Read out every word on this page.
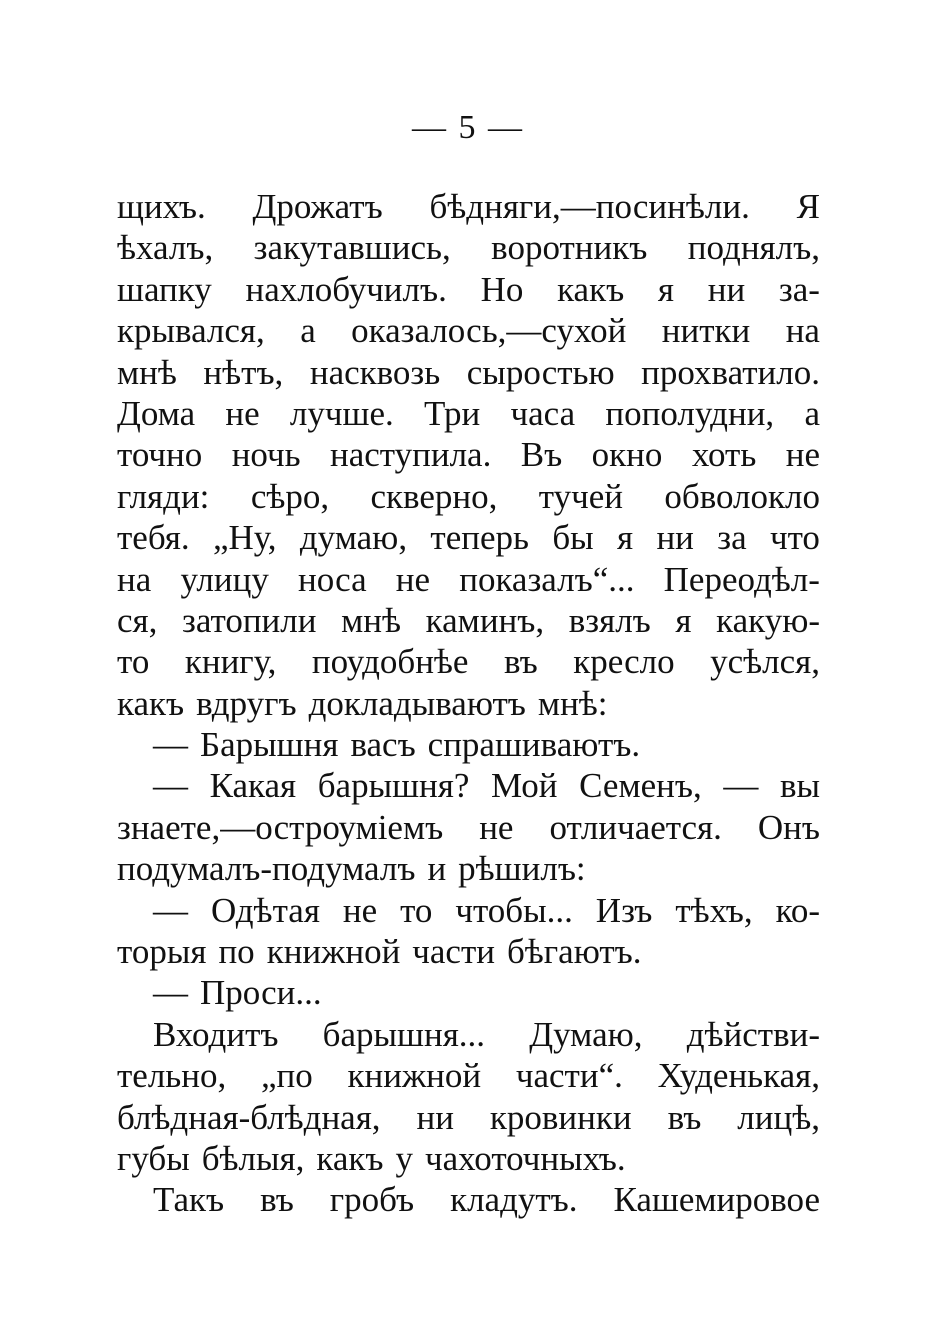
— 5 —
щихъ. Дрожатъ бѣдняги,—посинѣли. Я
ѣхалъ, закутавшись, воротникъ поднялъ,
шапку нахлобучилъ. Но какъ я ни за-
крывался, а оказалось,—сухой нитки на
мнѣ нѣтъ, насквозь сыростью прохватило.
Дома не лучше. Три часа пополудни, а
точно ночь наступила. Въ окно хоть не
гляди: сѣро, скверно, тучей обволокло
тебя. „Ну, думаю, теперь бы я ни за что
на улицу носа не показалъ“... Переодѣл-
ся, затопили мнѣ каминъ, взялъ я какую-
то книгу, поудобнѣе въ кресло усѣлся,
какъ вдругъ докладываютъ мнѣ:
— Барышня васъ спрашиваютъ.
— Какая барышня? Мой Семенъ, — вы
знаете,—остроуміемъ не отличается. Онъ
подумалъ-подумалъ и рѣшилъ:
— Одѣтая не то чтобы... Изъ тѣхъ, ко-
торыя по книжной части бѣгаютъ.
— Проси...
Входитъ барышня... Думаю, дѣйстви-
тельно, „по книжной части“. Худенькая,
блѣдная-блѣдная, ни кровинки въ лицѣ,
губы бѣлыя, какъ у чахоточныхъ.
Такъ въ гробъ кладутъ. Кашемировое
